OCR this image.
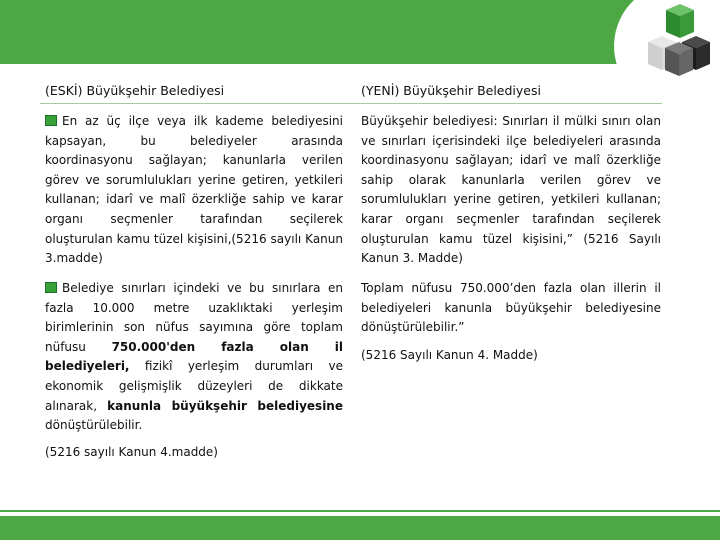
(ESKİ) Büyükşehir Belediyesi	(YENİ) Büyükşehir Belediyesi

En az üç ilçe veya ilk kademe belediyesini kapsayan, bu belediyeler arasında koordinasyonu sağlayan; kanunlarla verilen görev ve sorumlulukları yerine getiren, yetkileri kullanan; idarî ve malî özerkliğe sahip ve karar organı seçmenler tarafından seçilerek oluşturulan kamu tüzel kişisini,(5216 sayılı Kanun 3.madde)

Belediye sınırları içindeki ve bu sınırlara en fazla 10.000 metre uzaklıktaki yerleşim birimlerinin son nüfus sayımına göre toplam nüfusu 750.000'den fazla olan il belediyeleri, fizikî yerleşim durumları ve ekonomik gelişmişlik düzeyleri de dikkate alınarak, kanunla büyükşehir belediyesine dönüştürülebilir.

(5216 sayılı Kanun 4.madde)

Büyükşehir belediyesi: Sınırları il mülki sınırı olan ve sınırları içerisindeki ilçe belediyeleri arasında koordinasyonu sağlayan; idarî ve malî özerkliğe sahip olarak kanunlarla verilen görev ve sorumlulukları yerine getiren, yetkileri kullanan; karar organı seçmenler tarafından seçilerek oluşturulan kamu tüzel kişisini,” (5216 Sayılı Kanun 3. Madde)

Toplam nüfusu 750.000’den fazla olan illerin il belediyeleri kanunla büyükşehir belediyesine dönüştürülebilir.”

(5216 Sayılı Kanun 4. Madde)
